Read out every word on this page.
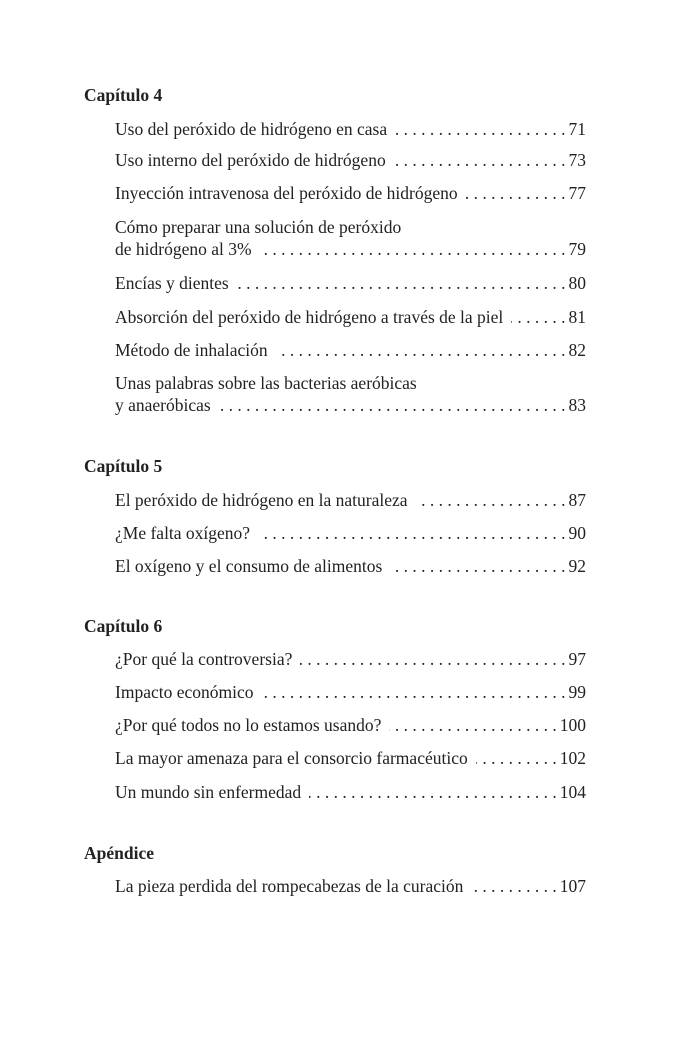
Capítulo 4
Uso del peróxido de hidrógeno en casa . . .	71
Uso interno del peróxido de hidrógeno . . .	73
Inyección intravenosa del peróxido de hidrógeno . . .	77
Cómo preparar una solución de peróxido
de hidrógeno al 3% . . .	79
Encías y dientes . . .	80
Absorción del peróxido de hidrógeno a través de la piel . . .	81
Método de inhalación . . .	82
Unas palabras sobre las bacterias aeróbicas
y anaeróbicas . . .	83
Capítulo 5
El peróxido de hidrógeno en la naturaleza . . .	87
¿Me falta oxígeno? . . .	90
El oxígeno y el consumo de alimentos . . .	92
Capítulo 6
¿Por qué la controversia? . . .	97
Impacto económico . . .	99
¿Por qué todos no lo estamos usando? . . .	100
La mayor amenaza para el consorcio farmacéutico . . .	102
Un mundo sin enfermedad . . .	104
Apéndice
La pieza perdida del rompecabezas de la curación . . .	107
